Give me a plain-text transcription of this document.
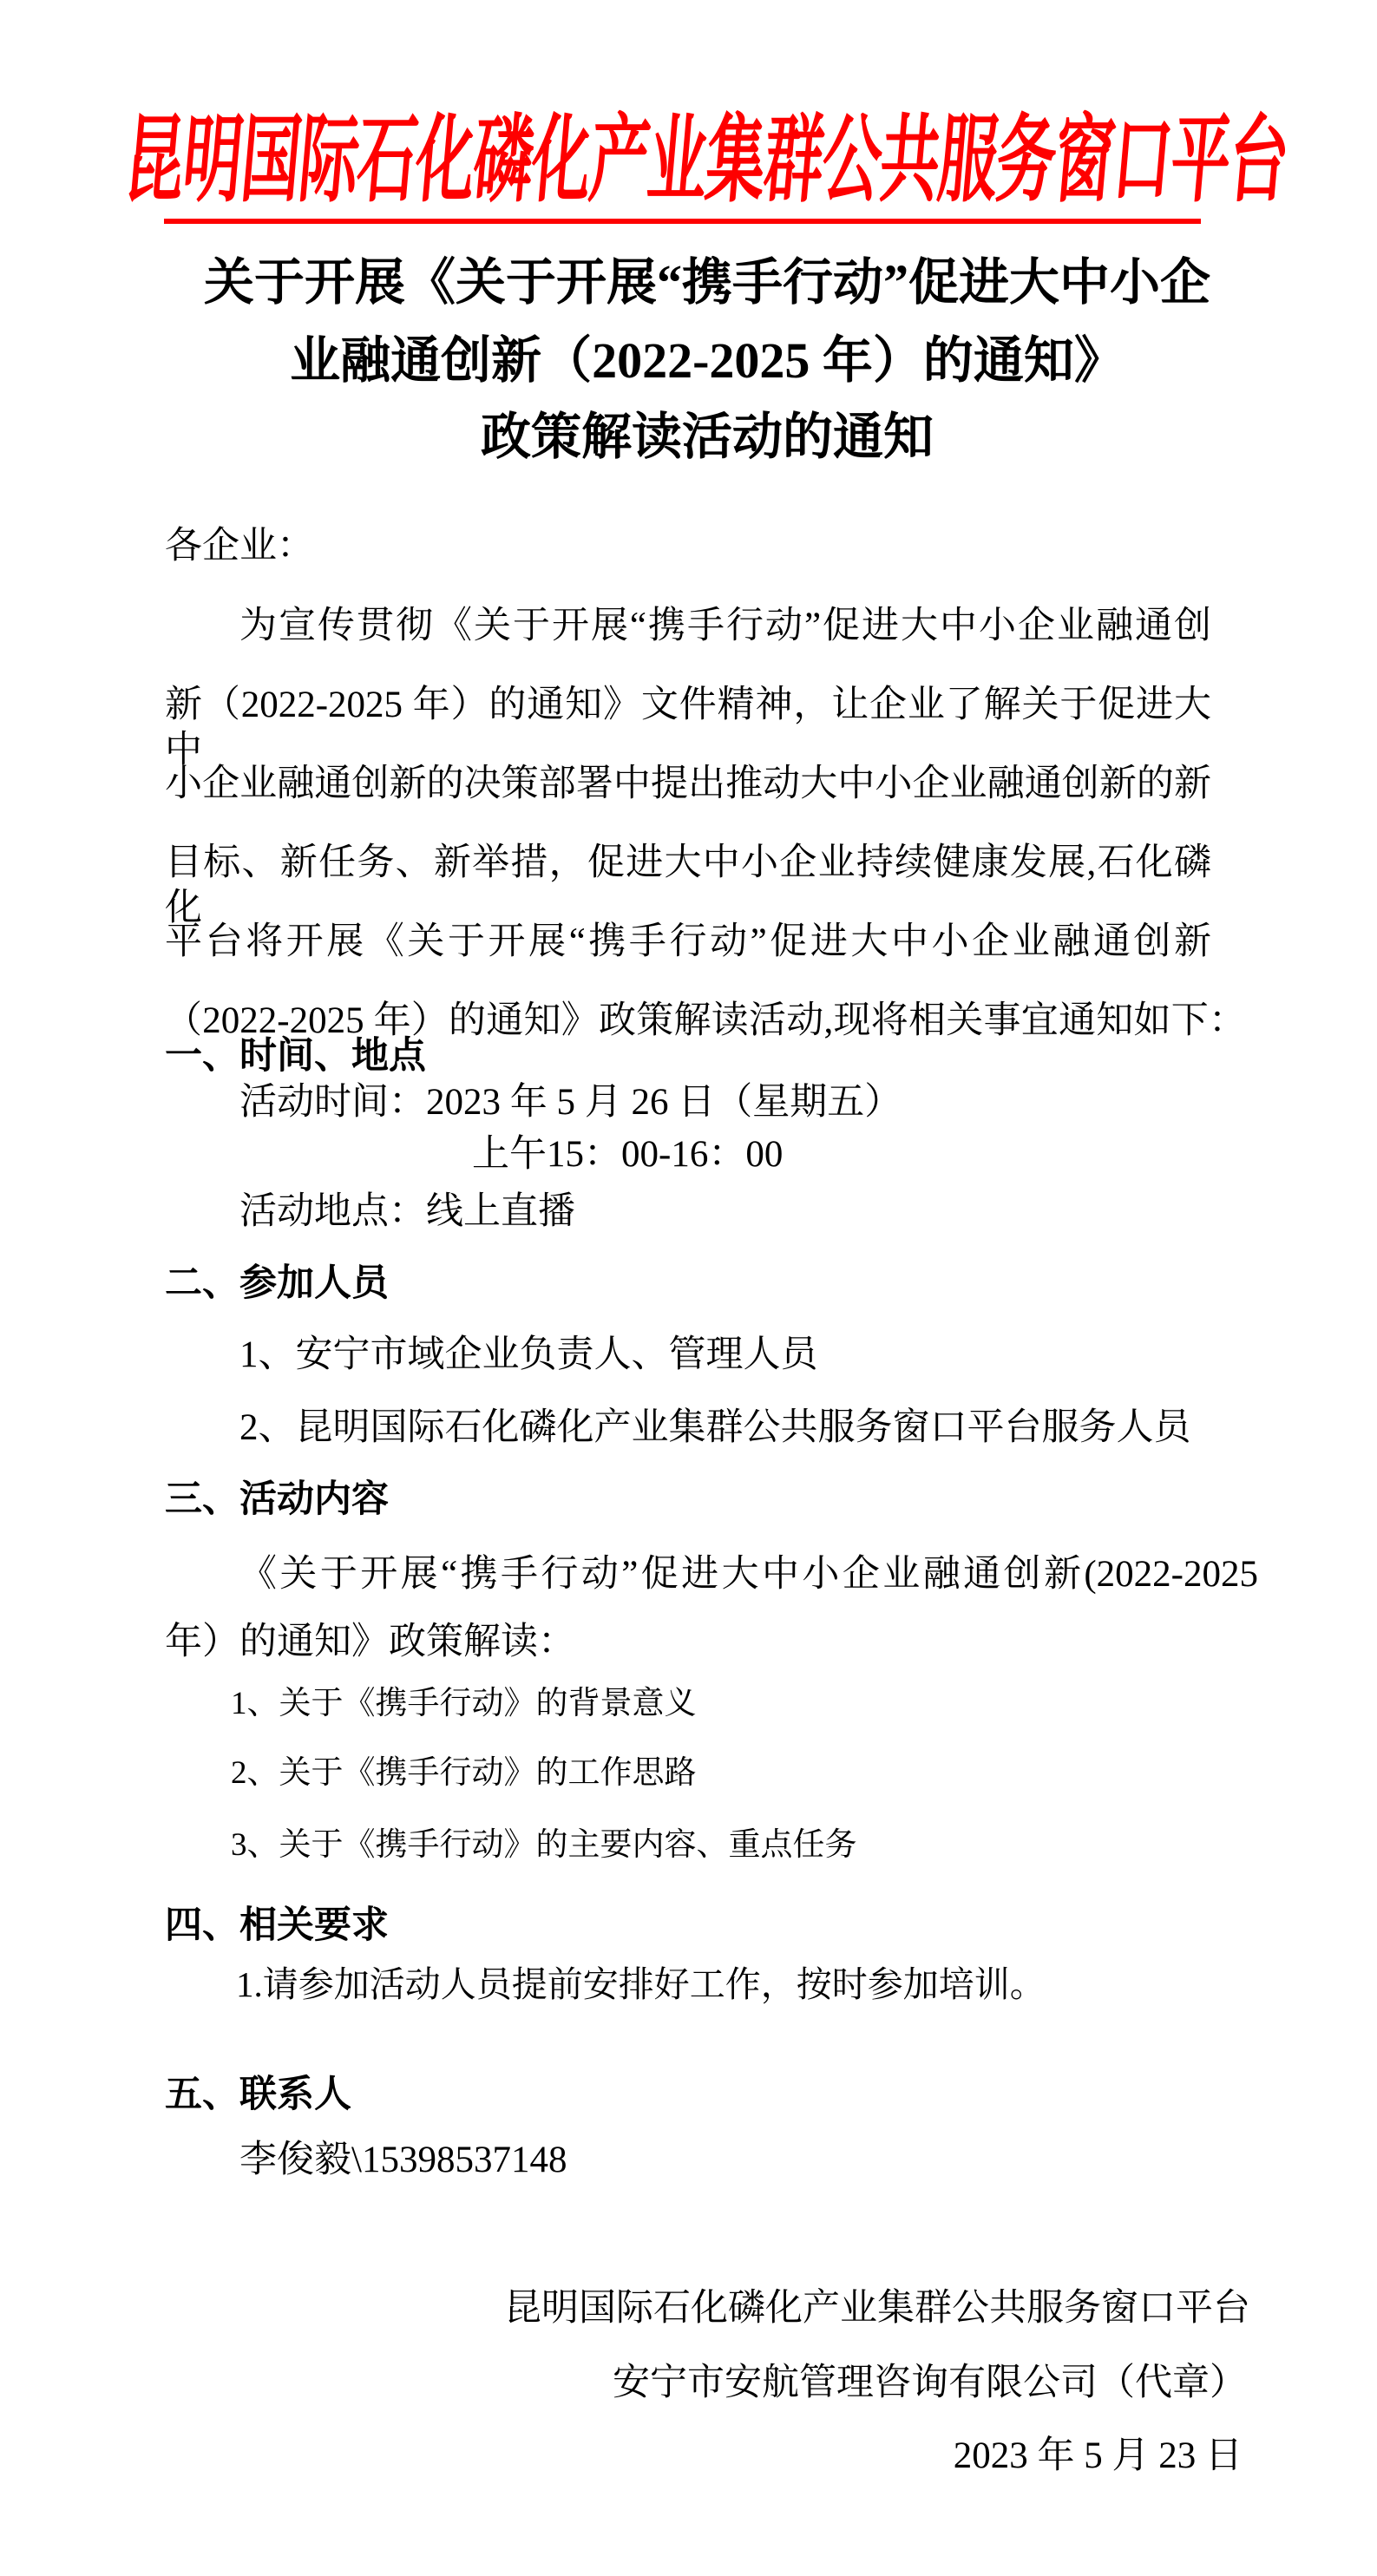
昆明国际石化磷化产业集群公共服务窗口平台
关于开展《关于开展“携手行动”促进大中小企
业融通创新（2022-2025 年）的通知》
政策解读活动的通知
各企业：
为宣传贯彻《关于开展“携手行动”促进大中小企业融通创
新（2022-2025 年）的通知》文件精神，让企业了解关于促进大中
小企业融通创新的决策部署中提出推动大中小企业融通创新的新
目标、新任务、新举措，促进大中小企业持续健康发展,石化磷化
平台将开展《关于开展“携手行动”促进大中小企业融通创新
（2022-2025 年）的通知》政策解读活动,现将相关事宜通知如下：
一、时间、地点
活动时间：2023 年 5 月 26 日（星期五）
上午15：00-16：00
活动地点：线上直播
二、参加人员
1、安宁市域企业负责人、管理人员
2、昆明国际石化磷化产业集群公共服务窗口平台服务人员
三、活动内容
《关于开展“携手行动”促进大中小企业融通创新(2022-2025
年）的通知》政策解读：
1、关于《携手行动》的背景意义
2、关于《携手行动》的工作思路
3、关于《携手行动》的主要内容、重点任务
四、相关要求
1.请参加活动人员提前安排好工作，按时参加培训。
五、联系人
李俊毅\15398537148
昆明国际石化磷化产业集群公共服务窗口平台
安宁市安航管理咨询有限公司（代章）
2023 年 5 月 23 日
